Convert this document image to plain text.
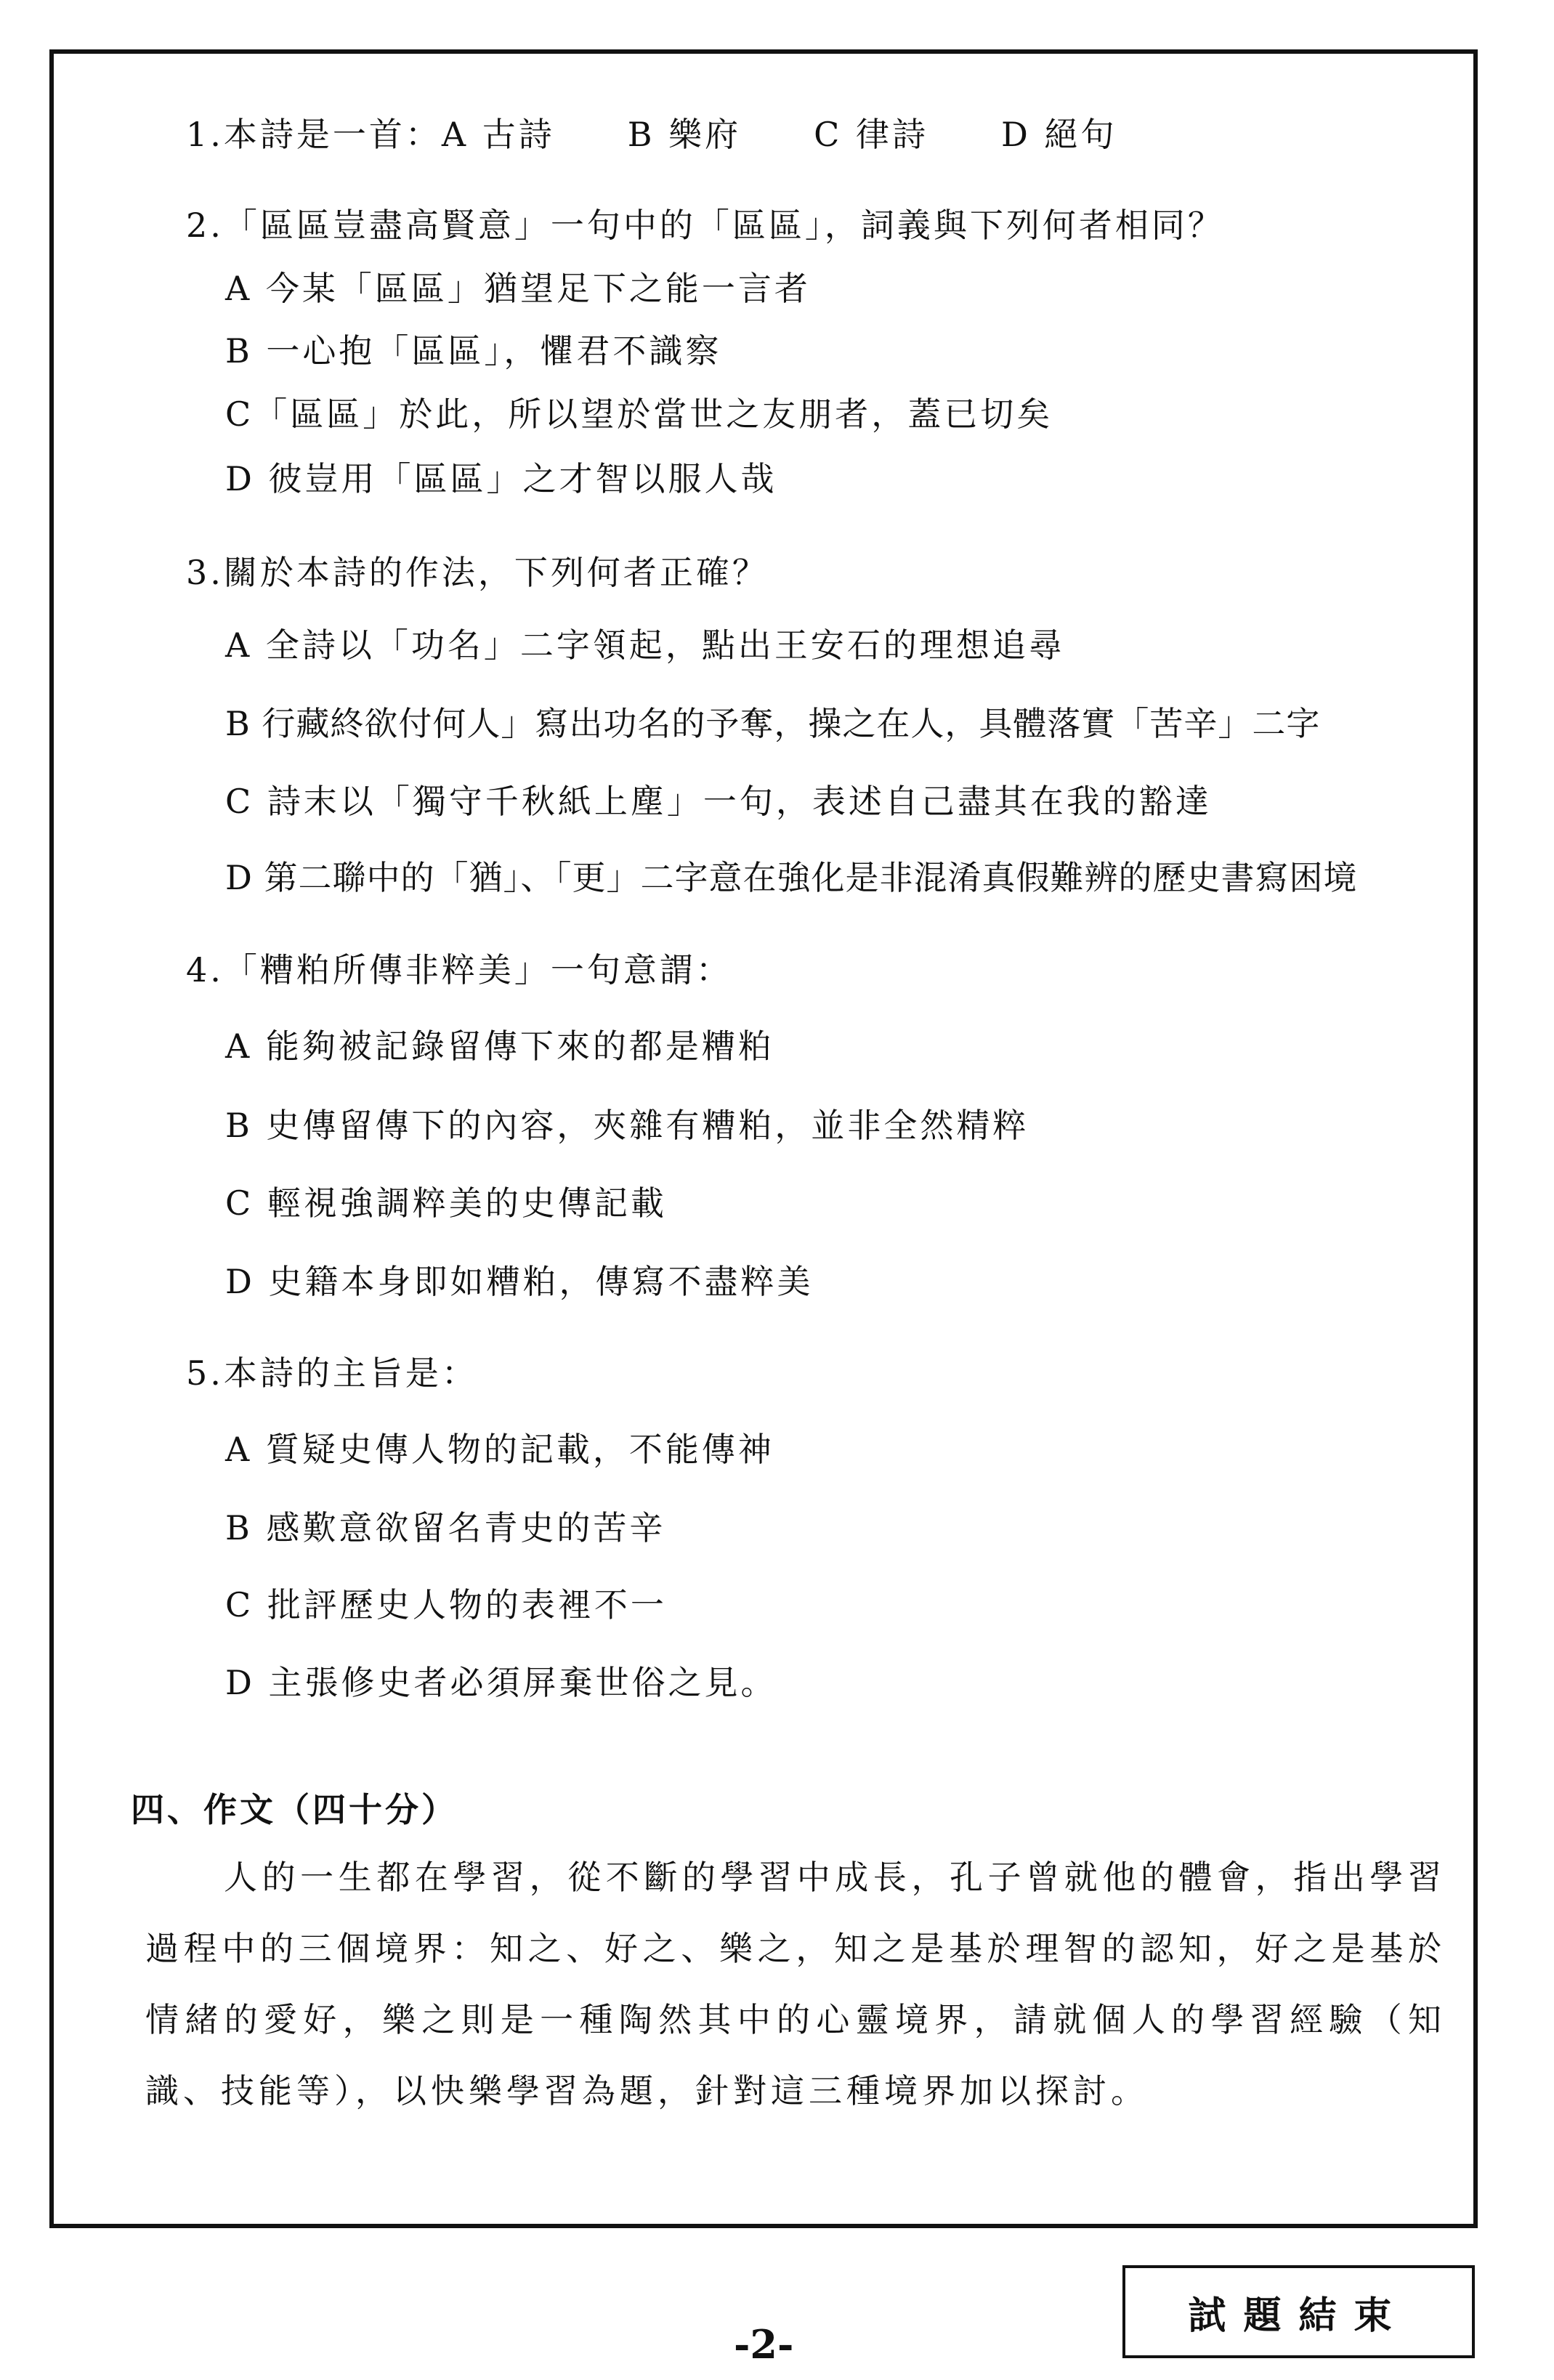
1.本詩是一首：A 古詩　　B 樂府　　C 律詩　　D 絕句
2.「區區豈盡高賢意」一句中的「區區」，詞義與下列何者相同？
A 今某「區區」猶望足下之能一言者
B 一心抱「區區」，懼君不識察
C「區區」於此，所以望於當世之友朋者，蓋已切矣
D 彼豈用「區區」之才智以服人哉
3.關於本詩的作法，下列何者正確？
A 全詩以「功名」二字領起，點出王安石的理想追尋
B 行藏終欲付何人」寫出功名的予奪，操之在人，具體落實「苦辛」二字
C 詩末以「獨守千秋紙上塵」一句，表述自己盡其在我的豁達
D 第二聯中的「猶」、「更」二字意在強化是非混淆真假難辨的歷史書寫困境
4.「糟粕所傳非粹美」一句意謂：
A 能夠被記錄留傳下來的都是糟粕
B 史傳留傳下的內容，夾雜有糟粕，並非全然精粹
C 輕視強調粹美的史傳記載
D 史籍本身即如糟粕，傳寫不盡粹美
5.本詩的主旨是：
A 質疑史傳人物的記載，不能傳神
B 感歎意欲留名青史的苦辛
C 批評歷史人物的表裡不一
D 主張修史者必須屏棄世俗之見。
四、作文（四十分）
人的一生都在學習，從不斷的學習中成長，孔子曾就他的體會，指出學習過程中的三個境界：知之、好之、樂之，知之是基於理智的認知，好之是基於情緒的愛好，樂之則是一種陶然其中的心靈境界，請就個人的學習經驗（知識、技能等），以快樂學習為題，針對這三種境界加以探討。
-2-
試題結束
